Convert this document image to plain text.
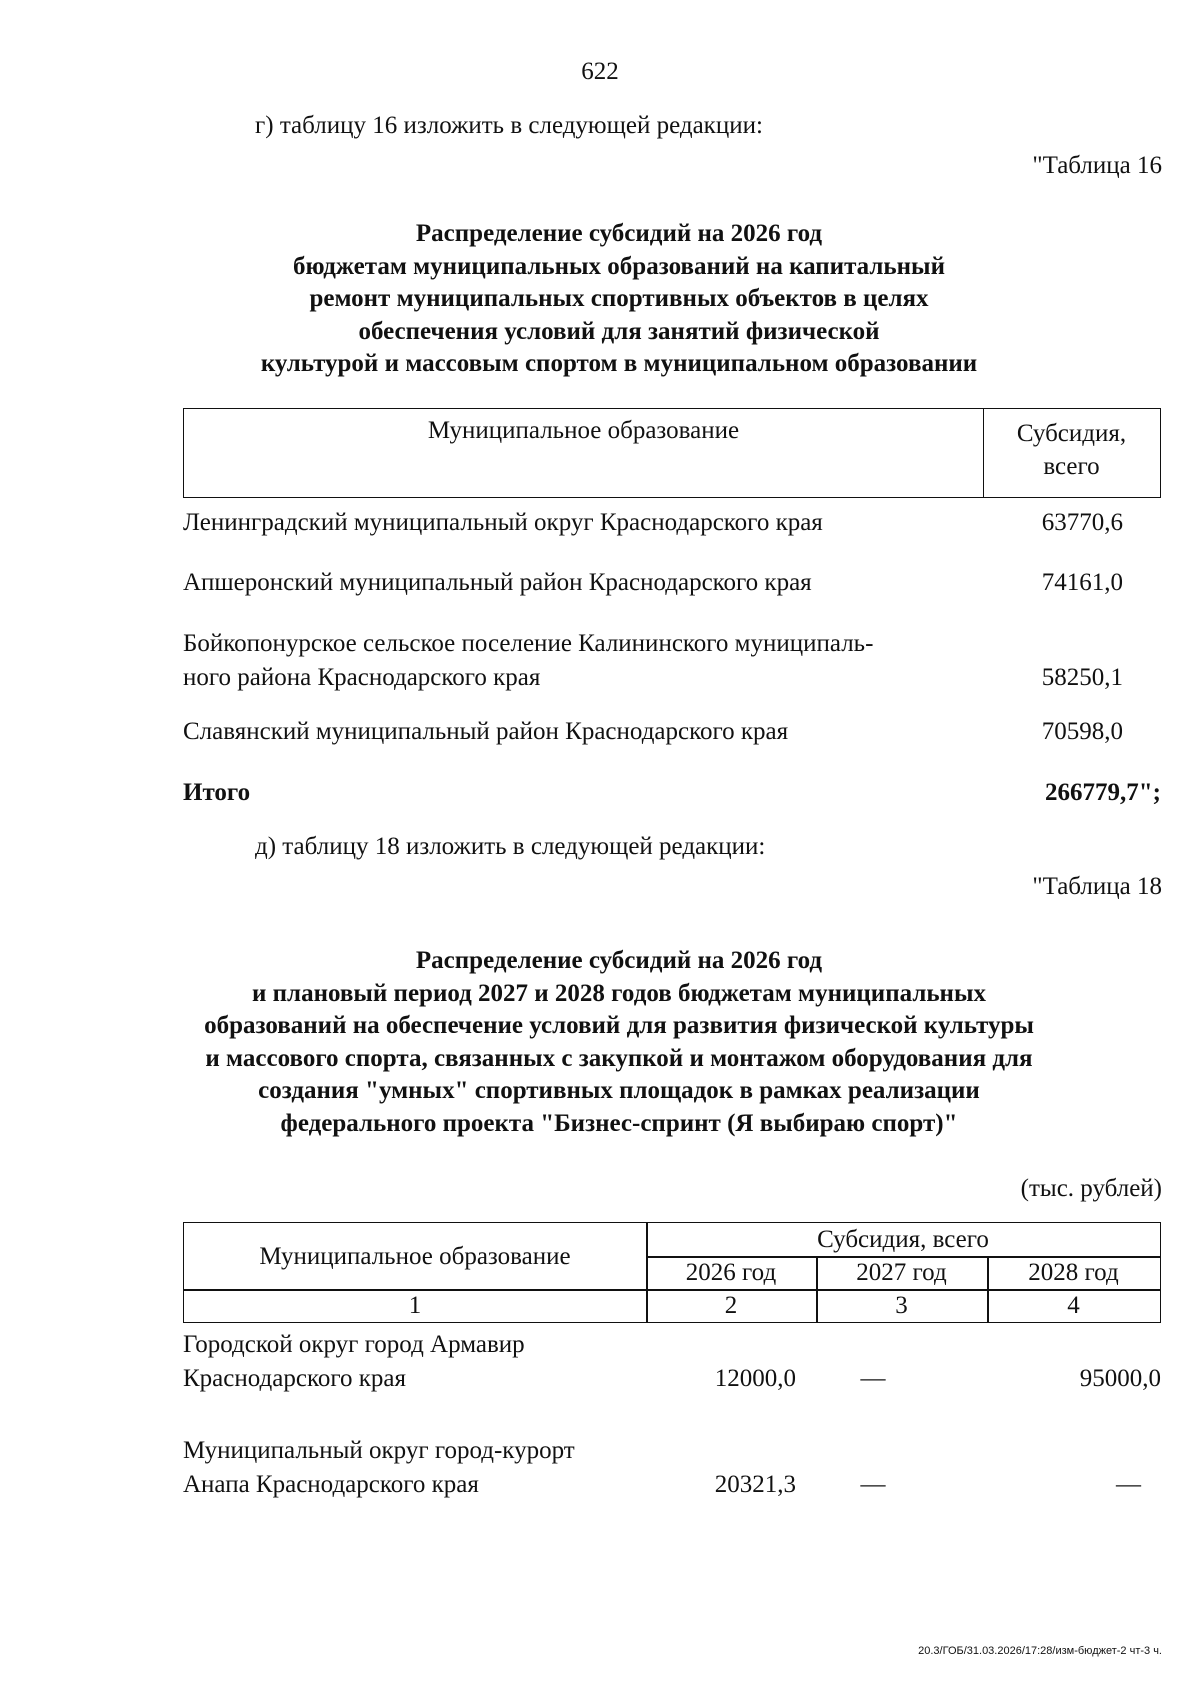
622
г) таблицу 16 изложить в следующей редакции:
"Таблица 16
Распределение субсидий на 2026 год
бюджетам муниципальных образований на капитальный
ремонт муниципальных спортивных объектов в целях
обеспечения условий для занятий физической
культурой и массовым спортом в муниципальном образовании
Муниципальное образование	Субсидия,
всего
Ленинградский муниципальный округ Краснодарского края	63770,6
Апшеронский муниципальный район Краснодарского края	74161,0
Бойкопонурское сельское поселение Калининского муниципаль-
ного района Краснодарского края	58250,1
Славянский муниципальный район Краснодарского края	70598,0
Итого	266779,7";
д) таблицу 18 изложить в следующей редакции:
"Таблица 18
Распределение субсидий на 2026 год
и плановый период 2027 и 2028 годов бюджетам муниципальных
образований на обеспечение условий для развития физической культуры
и массового спорта, связанных с закупкой и монтажом оборудования для
создания "умных" спортивных площадок в рамках реализации
федерального проекта "Бизнес-спринт (Я выбираю спорт)"
(тыс. рублей)
Муниципальное образование
Субсидия, всего
2026 год	2027 год	2028 год
1	2	3	4
Городской округ город Армавир
Краснодарского края	12000,0	—	95000,0
Муниципальный округ город-курорт
Анапа Краснодарского края	20321,3	—	—
20.3/ГОБ/31.03.2026/17:28/изм-бюджет-2 чт-3 ч.
